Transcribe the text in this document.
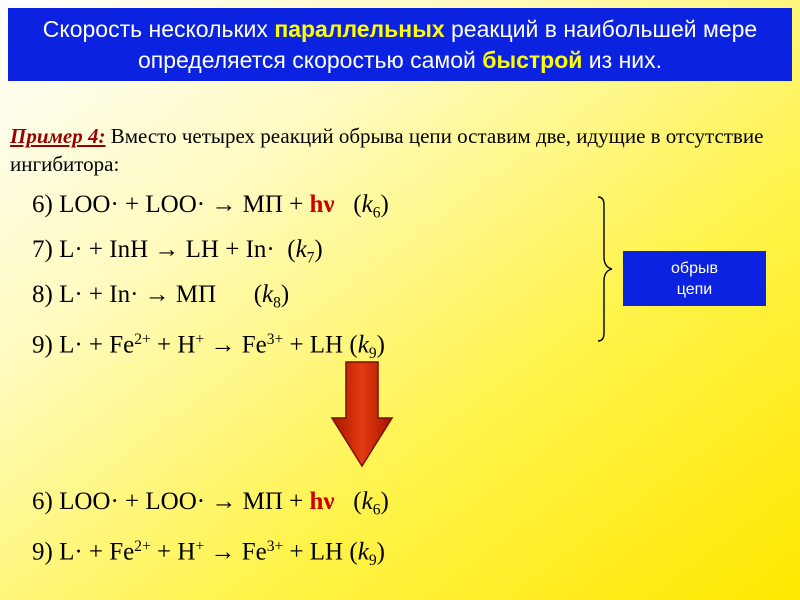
Скорость нескольких параллельных реакций в наибольшей мере определяется скоростью самой быстрой из них.
Пример 4: Вместо четырех реакций обрыва цепи оставим две, идущие в отсутствие ингибитора:
6) LOO· + LOO· → МП + hν   $(k_6)$
7) L· + InH → LH + $In\cdot (k_7)$
8) L· + In· → МП      $(k_8)$
9) $L\cdot + Fe^{2+} + H^+ \to Fe^{3+}$ + LH $(k_9)$
обрыв
цепи
6) LOO· + LOO· → МП + hν   $(k_6)$
9) $L\cdot + Fe^{2+} + H^+ \to Fe^{3+}$ + LH $(k_9)$
